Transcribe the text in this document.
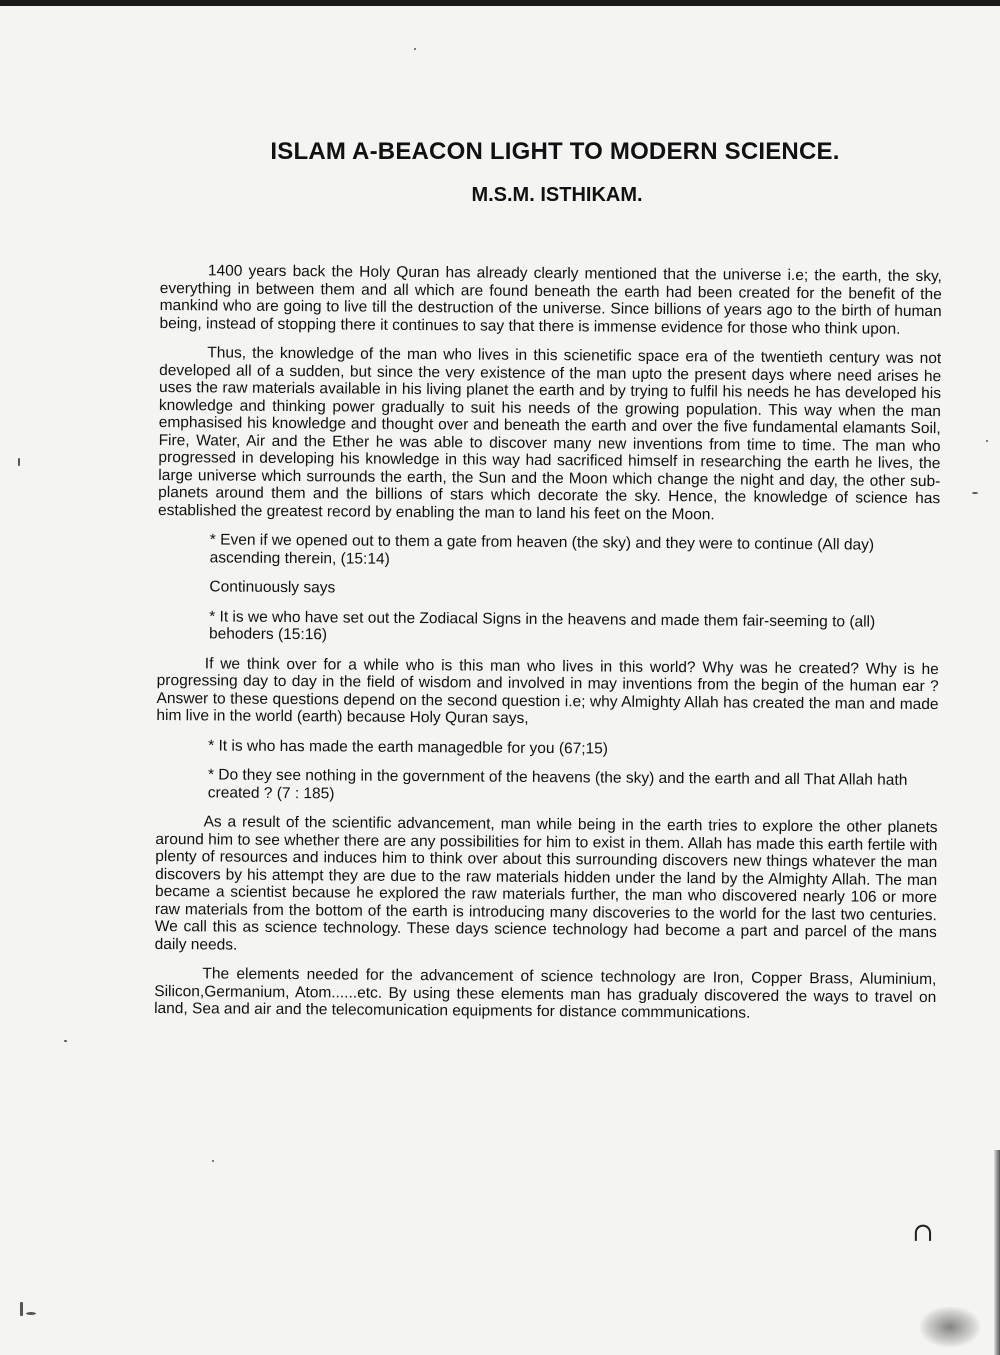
ISLAM A-BEACON LIGHT TO MODERN SCIENCE.
M.S.M. ISTHIKAM.

1400 years back the Holy Quran has already clearly mentioned that the universe i.e; the earth, the sky, everything in between them and all which are found beneath the earth had been created for the benefit of the mankind who are going to live till the destruction of the universe. Since billions of years ago to the birth of human being, instead of stopping there it continues to say that there is immense evidence for those who think upon.

Thus, the knowledge of the man who lives in this scienetific space era of the twentieth century was not developed all of a sudden, but since the very existence of the man upto the present days where need arises he uses the raw materials available in his living planet the earth and by trying to fulfil his needs he has developed his knowledge and thinking power gradually to suit his needs of the growing population. This way when the man emphasised his knowledge and thought over and beneath the earth and over the five fundamental elamants Soil, Fire, Water, Air and the Ether he was able to discover many new inventions from time to time. The man who progressed in developing his knowledge in this way had sacrificed himself in researching the earth he lives, the large universe which surrounds the earth, the Sun and the Moon which change the night and day, the other sub-planets around them and the billions of stars which decorate the sky. Hence, the knowledge of science has established the greatest record by enabling the man to land his feet on the Moon.

* Even if we opened out to them a gate from heaven (the sky) and they were to continue (All day) ascending therein, (15:14)

Continuously says

* It is we who have set out the Zodiacal Signs in the heavens and made them fair-seeming to (all) behoders (15:16)

If we think over for a while who is this man who lives in this world? Why was he created? Why is he progressing day to day in the field of wisdom and involved in may inventions from the begin of the human ear ? Answer to these questions depend on the second question i.e; why Almighty Allah has created the man and made him live in the world (earth) because Holy Quran says,

* It is who has made the earth managedble for you (67;15)

* Do they see nothing in the government of the heavens (the sky) and the earth and all That Allah hath created ? (7 : 185)

As a result of the scientific advancement, man while being in the earth tries to explore the other planets around him to see whether there are any possibilities for him to exist in them. Allah has made this earth fertile with plenty of resources and induces him to think over about this surrounding discovers new things whatever the man discovers by his attempt they are due to the raw materials hidden under the land by the Almighty Allah. The man became a scientist because he explored the raw materials further, the man who discovered nearly 106 or more raw materials from the bottom of the earth is introducing many discoveries to the world for the last two centuries. We call this as science technology. These days science technology had become a part and parcel of the mans daily needs.

The elements needed for the advancement of science technology are Iron, Copper Brass, Aluminium, Silicon,Germanium, Atom......etc. By using these elements man has gradualy discovered the ways to travel on land, Sea and air and the telecomunication equipments for distance commmunications.

∩
